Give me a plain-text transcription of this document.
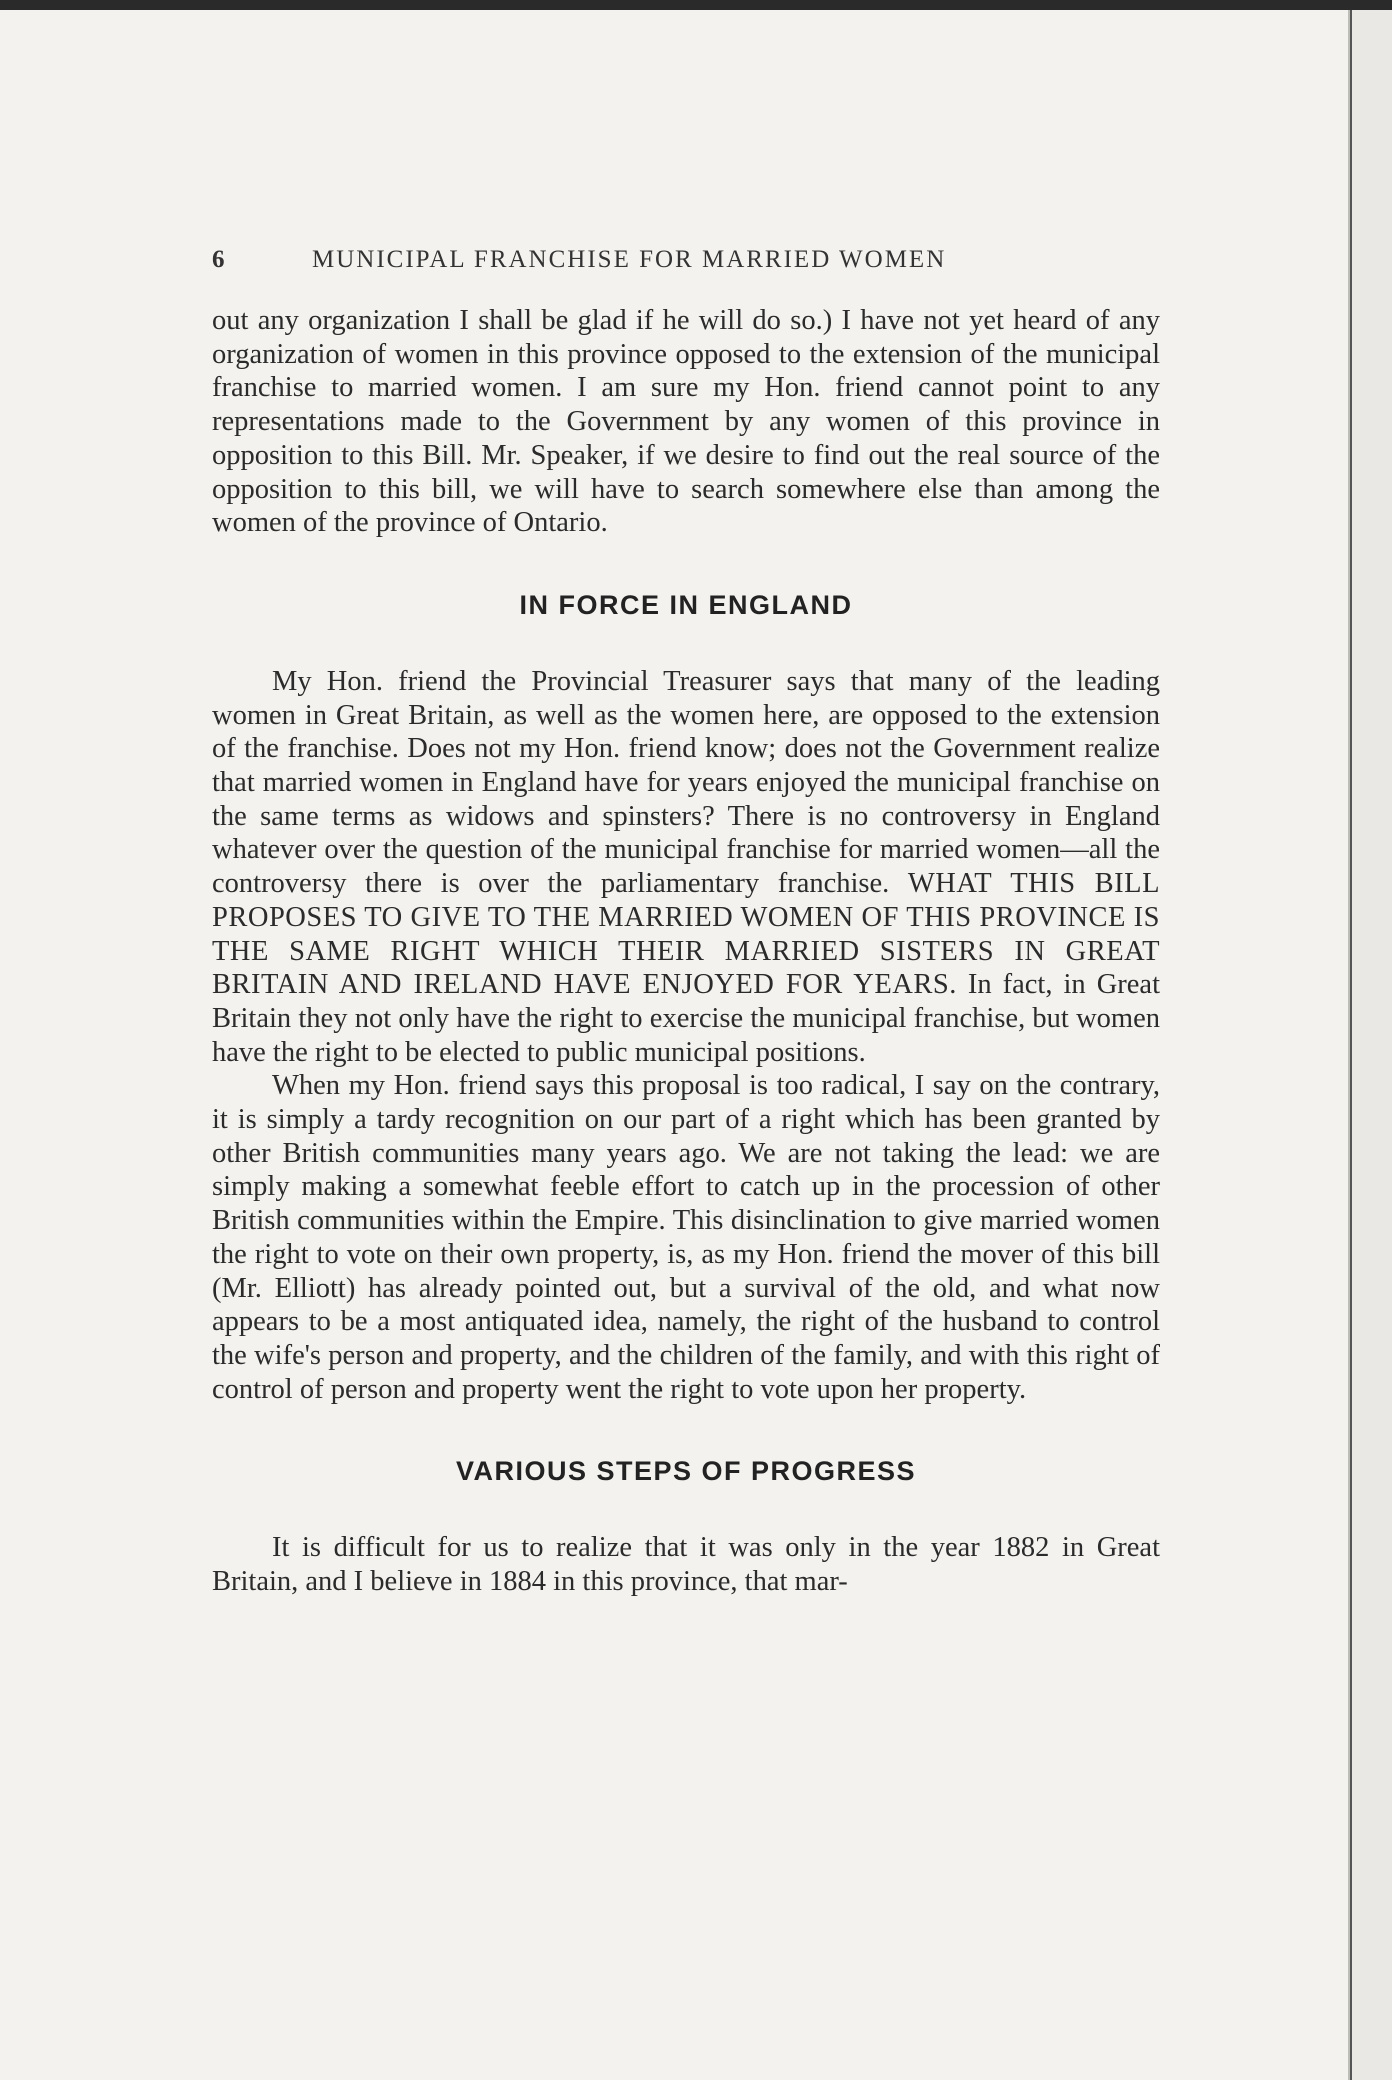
6	MUNICIPAL FRANCHISE FOR MARRIED WOMEN

out any organization I shall be glad if he will do so.) I have not yet heard of any organization of women in this province opposed to the extension of the municipal franchise to married women. I am sure my Hon. friend cannot point to any representations made to the Government by any women of this province in opposition to this Bill. Mr. Speaker, if we desire to find out the real source of the opposition to this bill, we will have to search somewhere else than among the women of the province of Ontario.

IN FORCE IN ENGLAND

My Hon. friend the Provincial Treasurer says that many of the leading women in Great Britain, as well as the women here, are opposed to the extension of the franchise. Does not my Hon. friend know; does not the Government realize that married women in England have for years enjoyed the municipal franchise on the same terms as widows and spinsters? There is no controversy in England whatever over the question of the municipal franchise for married women—all the controversy there is over the parliamentary franchise. WHAT THIS BILL PROPOSES TO GIVE TO THE MARRIED WOMEN OF THIS PROVINCE IS THE SAME RIGHT WHICH THEIR MARRIED SISTERS IN GREAT BRITAIN AND IRELAND HAVE ENJOYED FOR YEARS. In fact, in Great Britain they not only have the right to exercise the municipal franchise, but women have the right to be elected to public municipal positions.

When my Hon. friend says this proposal is too radical, I say on the contrary, it is simply a tardy recognition on our part of a right which has been granted by other British communities many years ago. We are not taking the lead: we are simply making a somewhat feeble effort to catch up in the procession of other British communities within the Empire. This disinclination to give married women the right to vote on their own property, is, as my Hon. friend the mover of this bill (Mr. Elliott) has already pointed out, but a survival of the old, and what now appears to be a most antiquated idea, namely, the right of the husband to control the wife's person and property, and the children of the family, and with this right of control of person and property went the right to vote upon her property.

VARIOUS STEPS OF PROGRESS

It is difficult for us to realize that it was only in the year 1882 in Great Britain, and I believe in 1884 in this province, that mar-
